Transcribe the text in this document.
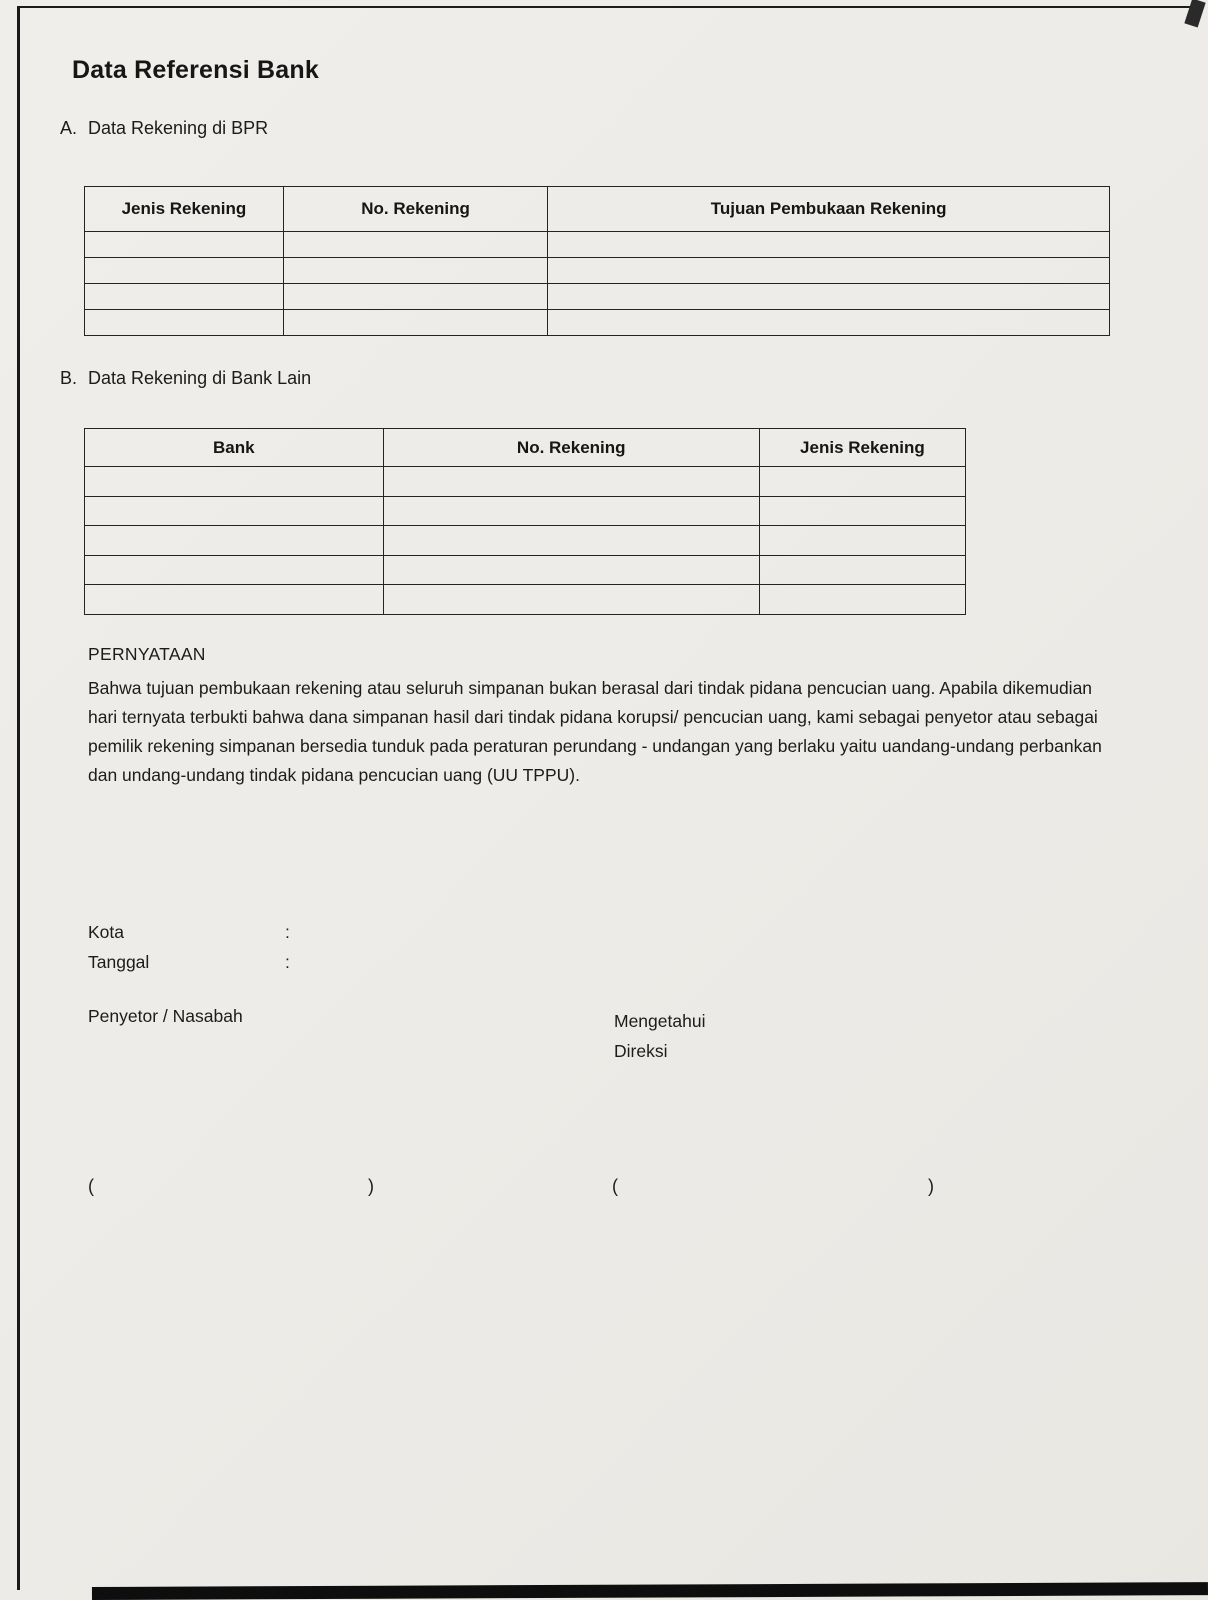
Data Referensi Bank
A. Data Rekening di BPR
Jenis Rekening	No. Rekening	Tujuan Pembukaan Rekening

B. Data Rekening di Bank Lain
Bank	No. Rekening	Jenis Rekening

PERNYATAAN
Bahwa tujuan pembukaan rekening atau seluruh simpanan bukan berasal dari tindak pidana pencucian uang. Apabila dikemudian hari ternyata terbukti bahwa dana simpanan hasil dari tindak pidana korupsi/ pencucian uang, kami sebagai penyetor atau sebagai pemilik rekening simpanan bersedia tunduk pada peraturan perundang - undangan yang berlaku yaitu uandang-undang perbankan dan undang-undang tindak pidana pencucian uang (UU TPPU).
Kota	:
Tanggal	:
Penyetor / Nasabah	Mengetahui
Direksi
(	)	(	)
